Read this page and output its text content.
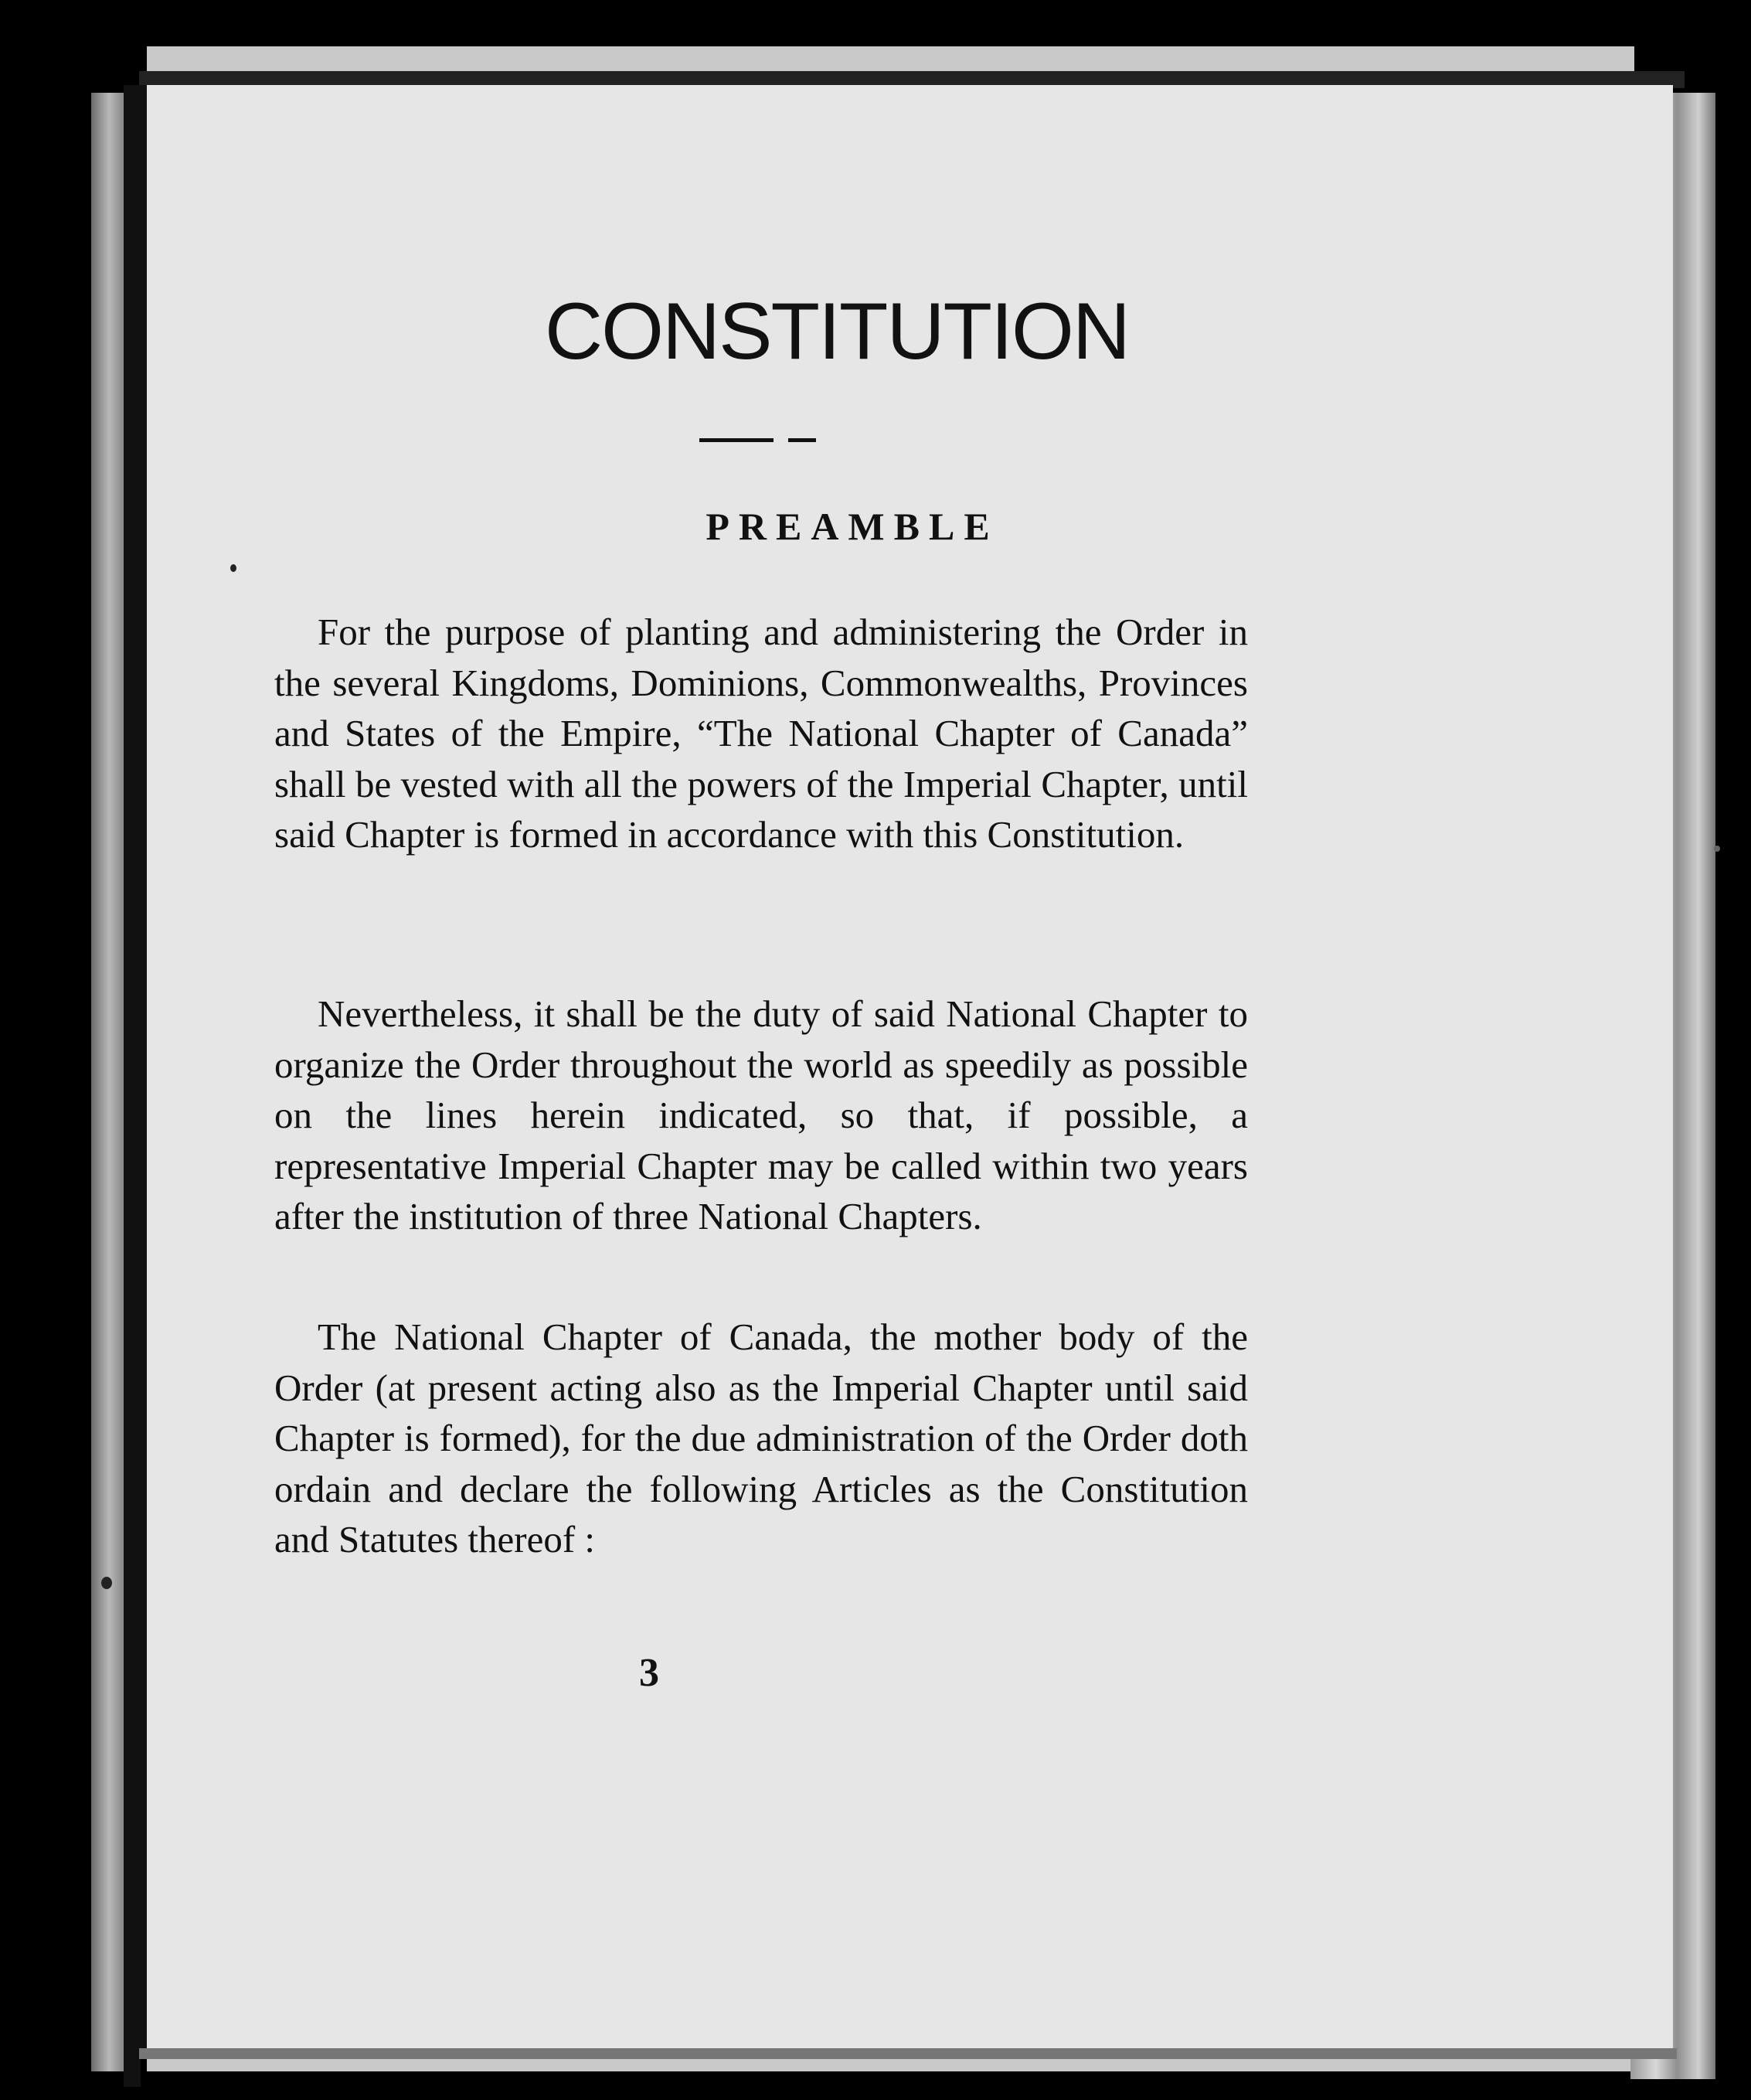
CONSTITUTION
PREAMBLE
For the purpose of planting and administering the Order in the several Kingdoms, Dominions, Commonwealths, Provinces and States of the Empire, “The National Chapter of Canada” shall be vested with all the powers of the Imperial Chapter, until said Chapter is formed in accordance with this Constitution.
Nevertheless, it shall be the duty of said National Chapter to organize the Order throughout the world as speedily as possible on the lines herein indicated, so that, if possible, a representative Imperial Chapter may be called within two years after the institution of three National Chapters.
The National Chapter of Canada, the mother body of the Order (at present acting also as the Imperial Chapter until said Chapter is formed), for the due administration of the Order doth ordain and declare the following Articles as the Constitution and Statutes thereof :
3
